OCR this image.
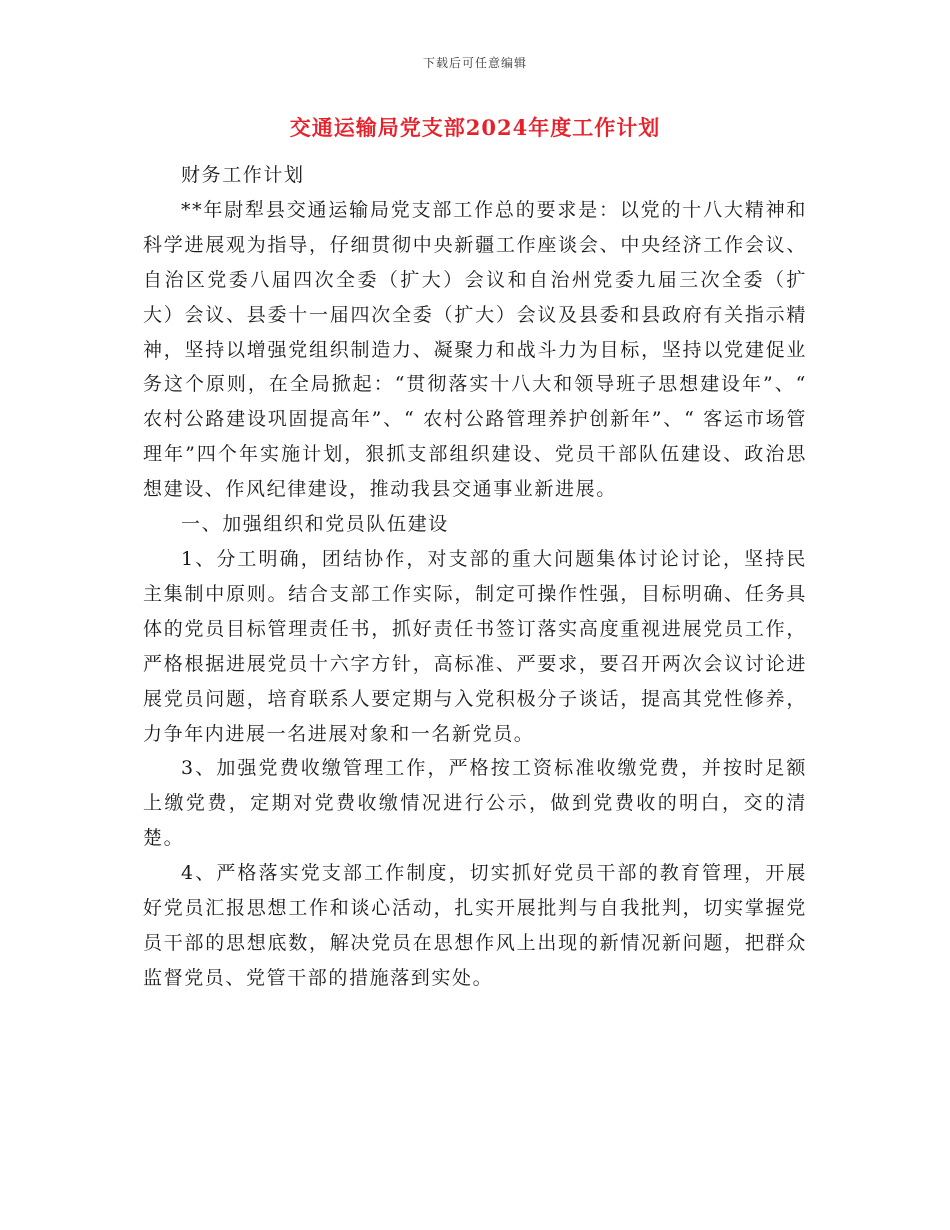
下载后可任意编辑
交通运输局党支部2024年度工作计划

财务工作计划

**年尉犁县交通运输局党支部工作总的要求是：以党的十八大精神和科学进展观为指导，仔细贯彻中央新疆工作座谈会、中央经济工作会议、自治区党委八届四次全委（扩大）会议和自治州党委九届三次全委（扩大）会议、县委十一届四次全委（扩大）会议及县委和县政府有关指示精神，坚持以增强党组织制造力、凝聚力和战斗力为目标，坚持以党建促业务这个原则，在全局掀起：“贯彻落实十八大和领导班子思想建设年”、“ 农村公路建设巩固提高年”、“ 农村公路管理养护创新年”、“ 客运市场管理年”四个年实施计划，狠抓支部组织建设、党员干部队伍建设、政治思想建设、作风纪律建设，推动我县交通事业新进展。

一、加强组织和党员队伍建设

1、分工明确，团结协作，对支部的重大问题集体讨论讨论，坚持民主集制中原则。结合支部工作实际，制定可操作性强，目标明确、任务具体的党员目标管理责任书，抓好责任书签订落实高度重视进展党员工作，严格根据进展党员十六字方针，高标准、严要求，要召开两次会议讨论进展党员问题，培育联系人要定期与入党积极分子谈话，提高其党性修养，力争年内进展一名进展对象和一名新党员。

3、加强党费收缴管理工作，严格按工资标准收缴党费，并按时足额上缴党费，定期对党费收缴情况进行公示，做到党费收的明白，交的清楚。

4、严格落实党支部工作制度，切实抓好党员干部的教育管理，开展好党员汇报思想工作和谈心活动，扎实开展批判与自我批判，切实掌握党员干部的思想底数，解决党员在思想作风上出现的新情况新问题，把群众监督党员、党管干部的措施落到实处。
